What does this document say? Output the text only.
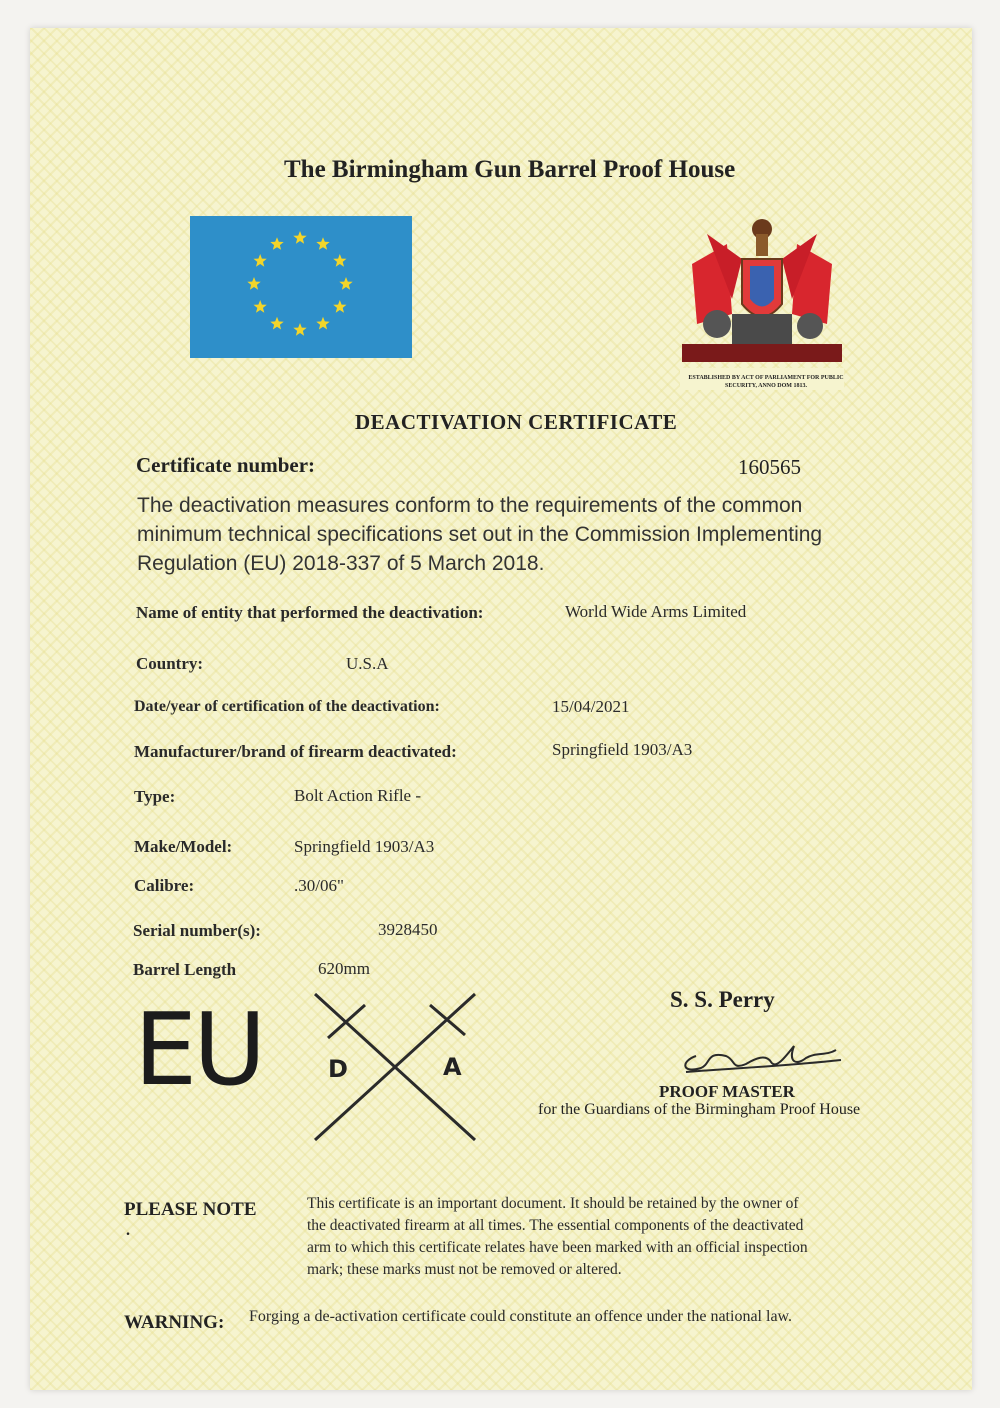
The Birmingham Gun Barrel Proof House
ESTABLISHED BY ACT OF PARLIAMENT FOR PUBLIC SECURITY, ANNO DOM 1813.
DEACTIVATION CERTIFICATE
Certificate number:	160565
The deactivation measures conform to the requirements of the common
minimum technical specifications set out in the Commission Implementing
Regulation (EU) 2018-337 of 5 March 2018.
Name of entity that performed the deactivation:	World Wide Arms Limited
Country:	U.S.A
Date/year of certification of the deactivation:	15/04/2021
Manufacturer/brand of firearm deactivated:	Springfield 1903/A3
Type:	Bolt Action Rifle -
Make/Model:	Springfield 1903/A3
Calibre:	.30/06"
Serial number(s):	3928450
Barrel Length	620mm
EU	D	A
S. S. Perry
PROOF MASTER
for the Guardians of the Birmingham Proof House
PLEASE NOTE
.
This certificate is an important document. It should be retained by the owner of
the deactivated firearm at all times. The essential components of the deactivated
arm to which this certificate relates have been marked with an official inspection
mark; these marks must not be removed or altered.
WARNING: Forging a de-activation certificate could constitute an offence under the national law.
